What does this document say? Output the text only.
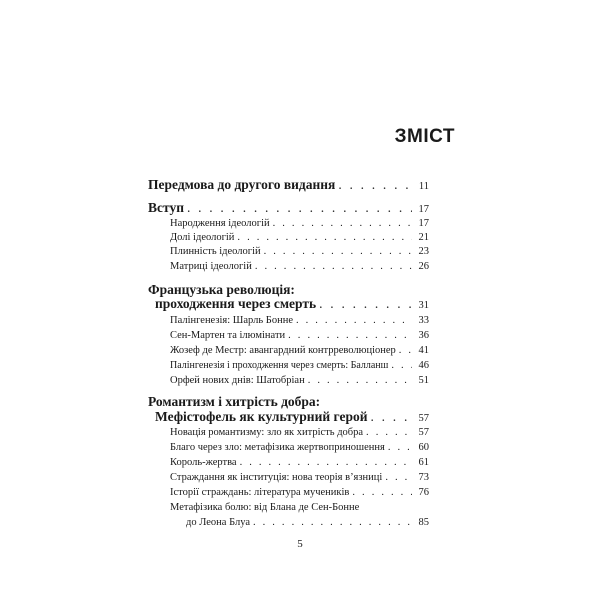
ЗМІСТ
Передмова до другого видання . . .	11
Вступ . . .	17
Народження ідеологій . . .	17
Долі ідеологій . . .	21
Плинність ідеологій . . .	23
Матриці ідеологій . . .	26
Французька революція:
проходження через смерть . . .	31
Палінгенезія: Шарль Бонне . . .	33
Сен-Мартен та ілюмінати . . .	36
Жозеф де Местр: авангардний контрреволюціонер . . .	41
Палінгенезія і проходження через смерть: Балланш . . .	46
Орфей нових днів: Шатобріан . . .	51
Романтизм і хитрість добра:
Мефістофель як культурний герой . . .	57
Новація романтизму: зло як хитрість добра . . .	57
Благо через зло: метафізика жертвоприношення . . .	60
Король-жертва . . .	61
Страждання як інституція: нова теорія в’язниці . . .	73
Історії страждань: література мучеників . . .	76
Метафізика болю: від Блана де Сен-Бонне
до Леона Блуа . . .	85
5
